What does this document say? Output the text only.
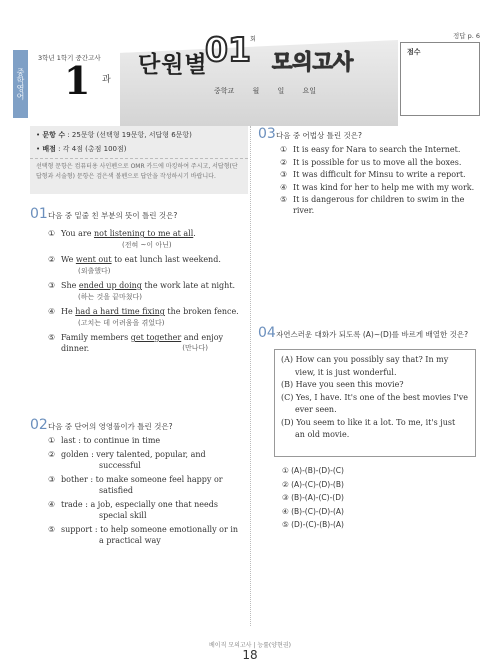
중학영어
3학년 1학기 중간고사
1 과
단원별
01 회
모의고사
중학교	월	일	요일
정답 p. 6
점수
• 문항 수 : 25문항 (선택형 19문항, 서답형 6문항)
• 배점 : 각 4점 (총점 100점)
선택형 문항은 컴퓨터용 사인펜으로 OMR 카드에 마킹하여 주시고, 서답형(단답형과 서술형) 문항은 검은색 볼펜으로 답안을 작성하시기 바랍니다.
01 다음 중 밑줄 친 부분의 뜻이 틀린 것은?
① You are not listening to me at all.
(전혀 ~이 아닌)
② We went out to eat lunch last weekend.
(외출했다)
③ She ended up doing the work late at night.
(하는 것을 끝마쳤다)
④ He had a hard time fixing the broken fence.
(고치는 데 어려움을 겪었다)
⑤ Family members get together and enjoy
dinner.	(만나다)
02 다음 중 단어의 영영풀이가 틀린 것은?
① last : to continue in time
② golden : very talented, popular, and
successful
③ bother : to make someone feel happy or
satisfied
④ trade : a job, especially one that needs
special skill
⑤ support : to help someone emotionally or in
a practical way
03 다음 중 어법상 틀린 것은?
① It is easy for Nara to search the Internet.
② It is possible for us to move all the boxes.
③ It was difficult for Minsu to write a report.
④ It was kind for her to help me with my work.
⑤ It is dangerous for children to swim in the
river.
04 자연스러운 대화가 되도록 (A)~(D)를 바르게 배열한 것은?
(A) How can you possibly say that? In my
view, it is just wonderful.
(B) Have you seen this movie?
(C) Yes, I have. It's one of the best movies I've
ever seen.
(D) You seem to like it a lot. To me, it's just
an old movie.
① (A)-(B)-(D)-(C)
② (A)-(C)-(D)-(B)
③ (B)-(A)-(C)-(D)
④ (B)-(C)-(D)-(A)
⑤ (D)-(C)-(B)-(A)
베이직 모의고사 | 능률(양현권)
18
